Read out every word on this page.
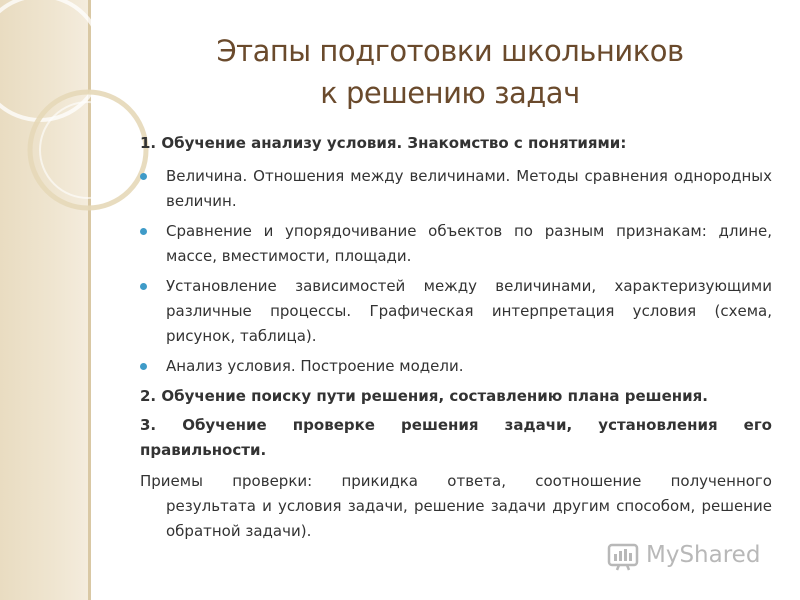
Этапы подготовки школьников
к решению задач

1. Обучение анализу условия. Знакомство с понятиями:

Величина. Отношения между величинами. Методы сравнения однородных величин.
Сравнение и упорядочивание объектов по разным признакам: длине, массе, вместимости, площади.
Установление зависимостей между величинами, характеризующими различные процессы. Графическая интерпретация условия (схема, рисунок, таблица).
Анализ условия. Построение модели.

2. Обучение поиску пути решения, составлению плана решения.

3. Обучение проверке решения задачи, установления его правильности.

Приемы проверки: прикидка ответа, соотношение полученного
результата и условия задачи, решение задачи другим способом, решение обратной задачи).
MyShared
